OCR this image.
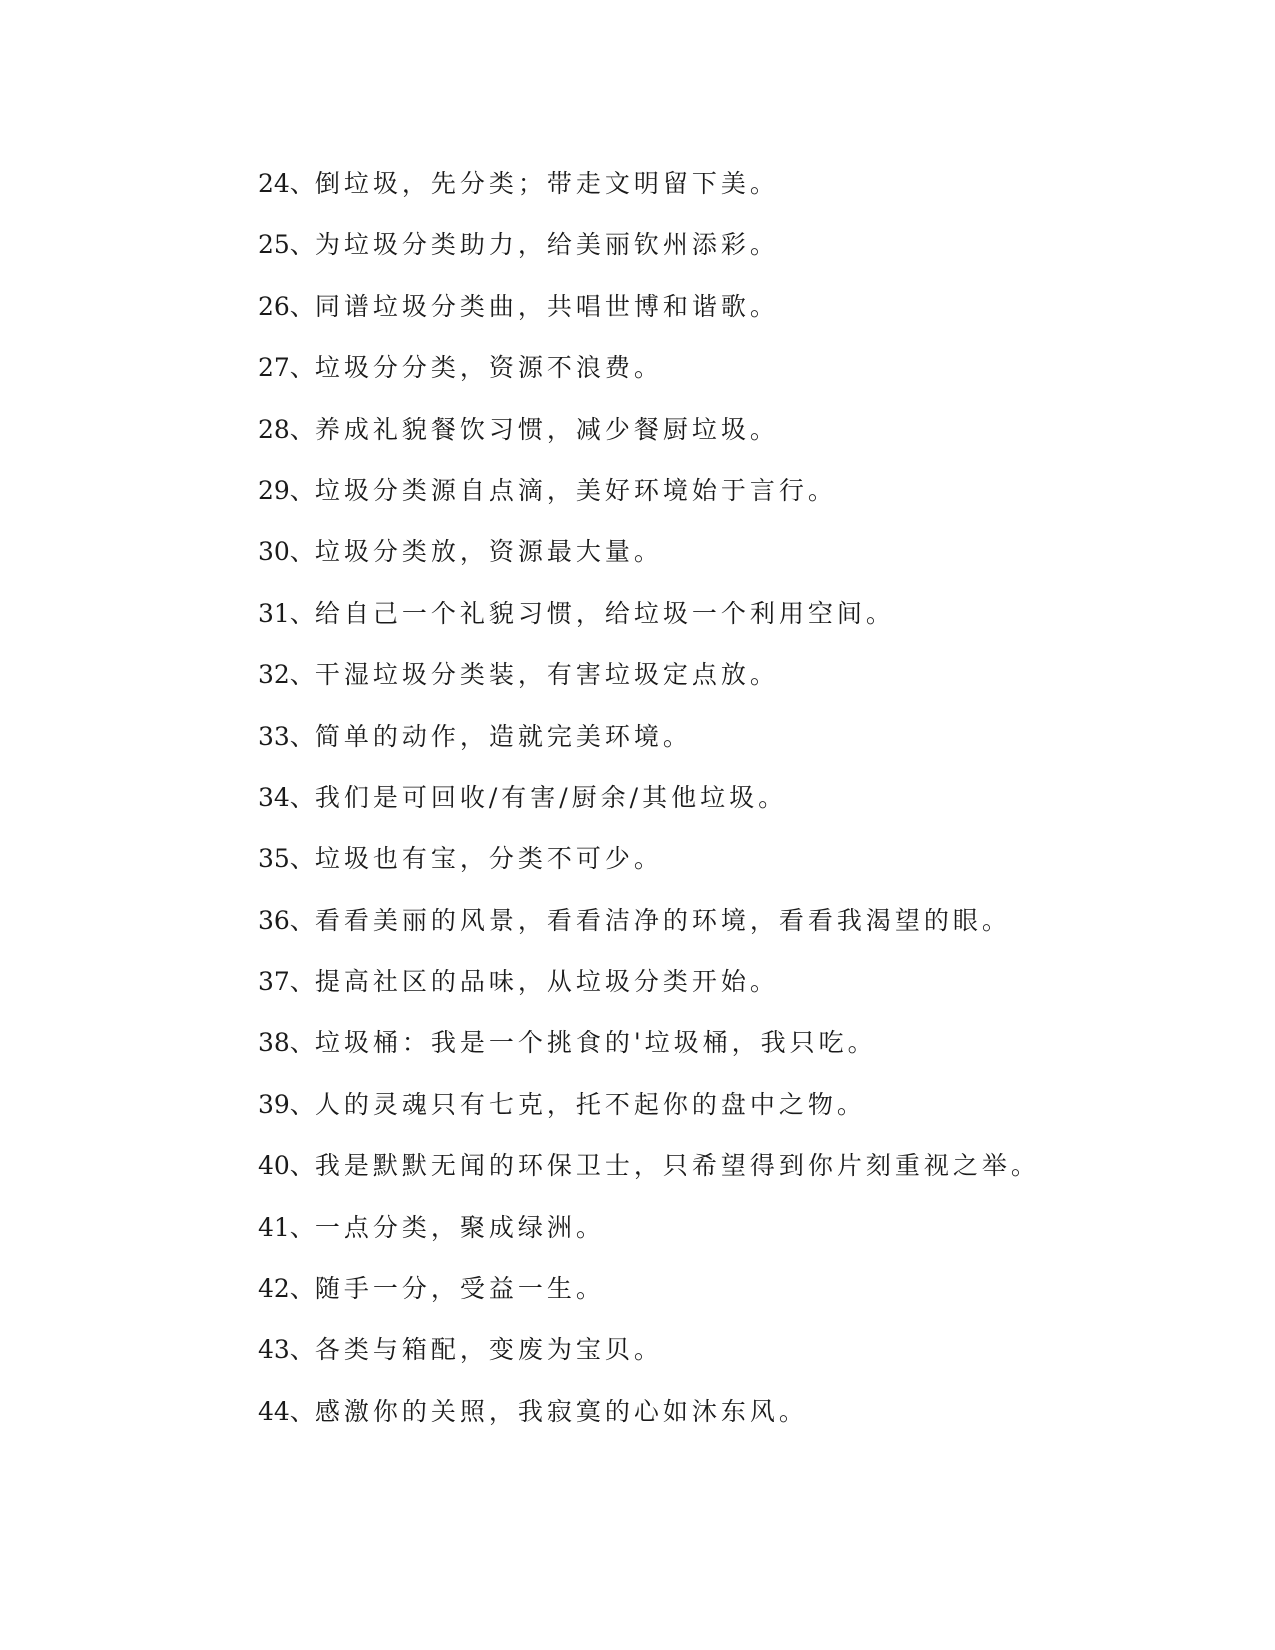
24、倒垃圾，先分类；带走文明留下美。
25、为垃圾分类助力，给美丽钦州添彩。
26、同谱垃圾分类曲，共唱世博和谐歌。
27、垃圾分分类，资源不浪费。
28、养成礼貌餐饮习惯，减少餐厨垃圾。
29、垃圾分类源自点滴，美好环境始于言行。
30、垃圾分类放，资源最大量。
31、给自己一个礼貌习惯，给垃圾一个利用空间。
32、干湿垃圾分类装，有害垃圾定点放。
33、简单的动作，造就完美环境。
34、我们是可回收/有害/厨余/其他垃圾。
35、垃圾也有宝，分类不可少。
36、看看美丽的风景，看看洁净的环境，看看我渴望的眼。
37、提高社区的品味，从垃圾分类开始。
38、垃圾桶：我是一个挑食的'垃圾桶，我只吃。
39、人的灵魂只有七克，托不起你的盘中之物。
40、我是默默无闻的环保卫士，只希望得到你片刻重视之举。
41、一点分类，聚成绿洲。
42、随手一分，受益一生。
43、各类与箱配，变废为宝贝。
44、感激你的关照，我寂寞的心如沐东风。
